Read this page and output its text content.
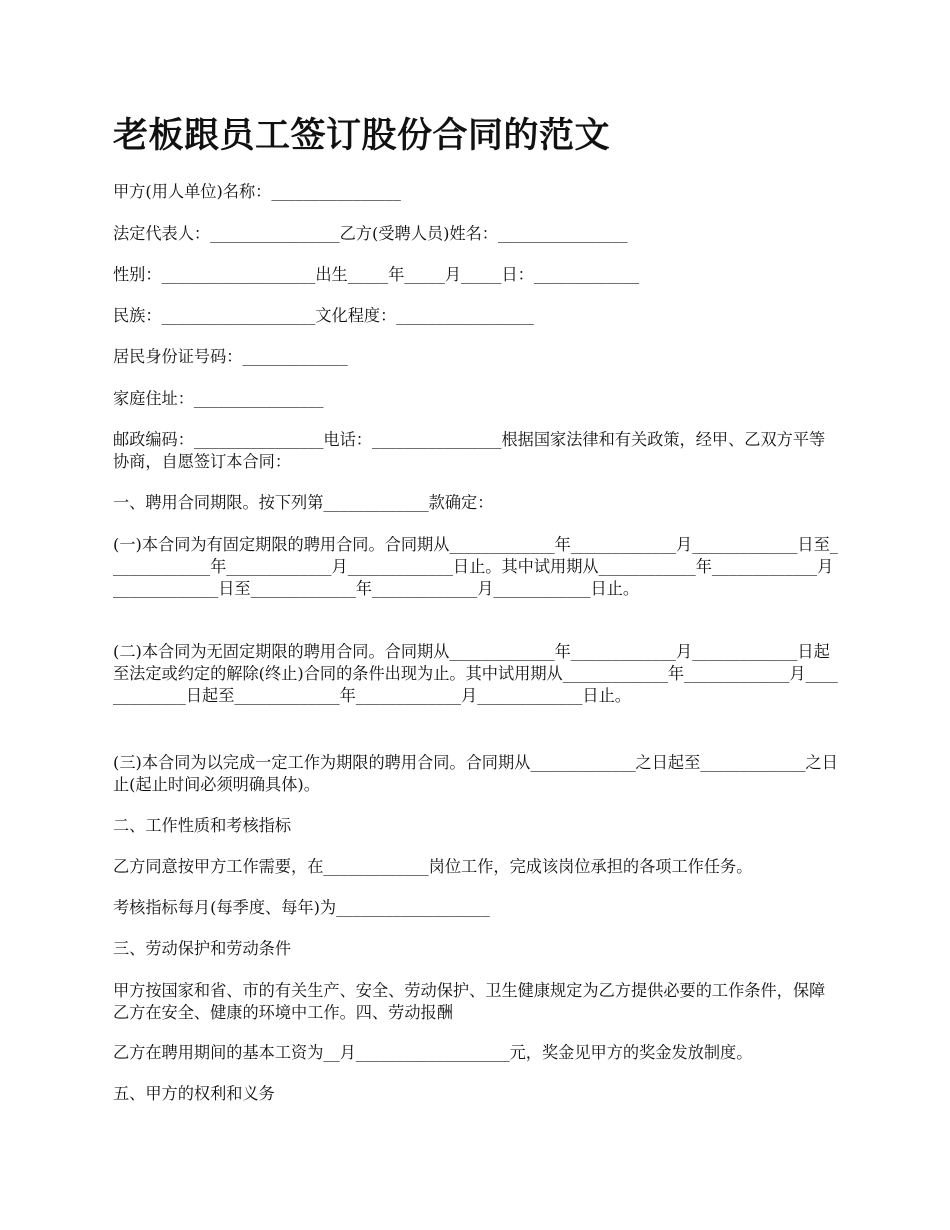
老板跟员工签订股份合同的范文

甲方(用人单位)名称：________________

法定代表人：________________乙方(受聘人员)姓名：________________

性别：___________________出生_____年_____月_____日：_____________

民族：___________________文化程度：_________________

居民身份证号码：_____________

家庭住址：________________

邮政编码：________________电话：________________根据国家法律和有关政策，经甲、乙双方平等协商，自愿签订本合同：

一、聘用合同期限。按下列第_____________款确定：

(一)本合同为有固定期限的聘用合同。合同期从_____________年_____________月_____________日至_____________年_____________月_____________日止。其中试用期从____________年_____________月_____________日至_____________年_____________月____________日止。

(二)本合同为无固定期限的聘用合同。合同期从_____________年_____________月_____________日起至法定或约定的解除(终止)合同的条件出现为止。其中试用期从_____________年_____________月_____________日起至_____________年_____________月_____________日止。

(三)本合同为以完成一定工作为期限的聘用合同。合同期从_____________之日起至_____________之日止(起止时间必须明确具体)。

二、工作性质和考核指标

乙方同意按甲方工作需要，在_____________岗位工作，完成该岗位承担的各项工作任务。

考核指标每月(每季度、每年)为___________________

三、劳动保护和劳动条件

甲方按国家和省、市的有关生产、安全、劳动保护、卫生健康规定为乙方提供必要的工作条件，保障乙方在安全、健康的环境中工作。四、劳动报酬

乙方在聘用期间的基本工资为__月___________________元，奖金见甲方的奖金发放制度。

五、甲方的权利和义务
